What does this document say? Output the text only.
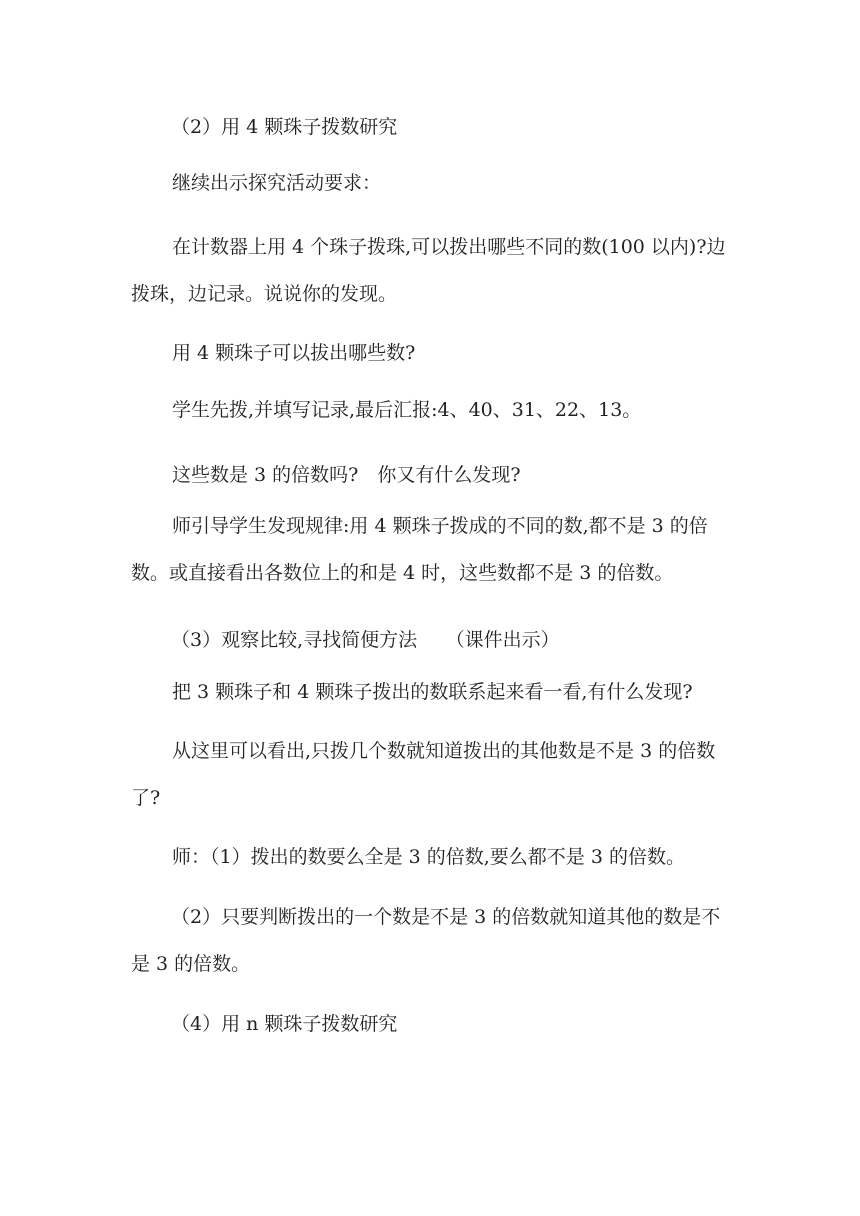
（2）用 4 颗珠子拨数研究

继续出示探究活动要求：

在计数器上用 4 个珠子拨珠,可以拨出哪些不同的数(100 以内)?边拨珠，边记录。说说你的发现。

用 4 颗珠子可以拔出哪些数?

学生先拨,并填写记录,最后汇报:4、40、31、22、13。

这些数是 3 的倍数吗?　你又有什么发现?

师引导学生发现规律:用 4 颗珠子拨成的不同的数,都不是 3 的倍数。或直接看出各数位上的和是 4 时，这些数都不是 3 的倍数。

（3）观察比较,寻找简便方法　　（课件出示）

把 3 颗珠子和 4 颗珠子拨出的数联系起来看一看,有什么发现?

从这里可以看出,只拨几个数就知道拨出的其他数是不是 3 的倍数了?

师：（1）拨出的数要么全是 3 的倍数,要么都不是 3 的倍数。

（2）只要判断拨出的一个数是不是 3 的倍数就知道其他的数是不是 3 的倍数。

（4）用 n 颗珠子拨数研究
